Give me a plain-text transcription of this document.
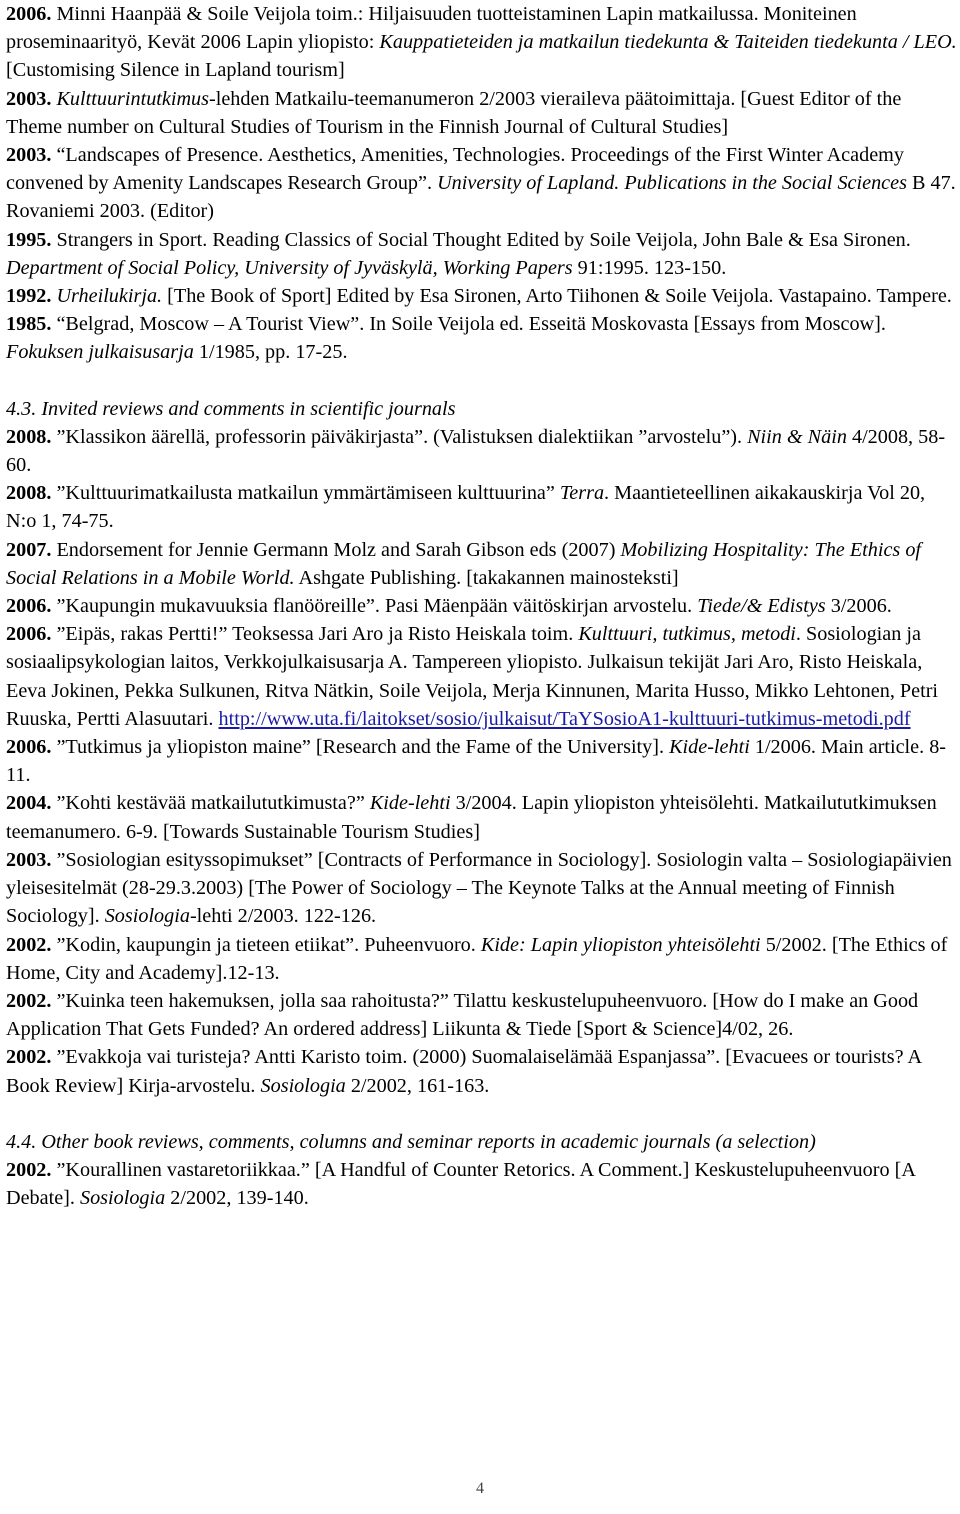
2006. Minni Haanpää & Soile Veijola toim.: Hiljaisuuden tuotteistaminen Lapin matkailussa. Moniteinen proseminaarityö, Kevät 2006 Lapin yliopisto: Kauppatieteiden ja matkailun tiedekunta & Taiteiden tiedekunta / LEO. [Customising Silence in Lapland tourism]

2003. Kulttuurintutkimus-lehden Matkailu-teemanumeron 2/2003 vieraileva päätoimittaja. [Guest Editor of the Theme number on Cultural Studies of Tourism in the Finnish Journal of Cultural Studies]

2003. “Landscapes of Presence. Aesthetics, Amenities, Technologies. Proceedings of the First Winter Academy convened by Amenity Landscapes Research Group”. University of Lapland. Publications in the Social Sciences B 47. Rovaniemi 2003. (Editor)

1995. Strangers in Sport. Reading Classics of Social Thought Edited by Soile Veijola, John Bale & Esa Sironen. Department of Social Policy, University of Jyväskylä, Working Papers 91:1995. 123-150.

1992. Urheilukirja. [The Book of Sport] Edited by Esa Sironen, Arto Tiihonen & Soile Veijola. Vastapaino. Tampere.

1985. “Belgrad, Moscow – A Tourist View”. In Soile Veijola ed. Esseitä Moskovasta [Essays from Moscow]. Fokuksen julkaisusarja 1/1985, pp. 17-25.

4.3. Invited reviews and comments in scientific journals

2008. ”Klassikon äärellä, professorin päiväkirjasta”. (Valistuksen dialektiikan ”arvostelu”). Niin & Näin 4/2008, 58-60.

2008. ”Kulttuurimatkailusta matkailun ymmärtämiseen kulttuurina” Terra. Maantieteellinen aikakauskirja Vol 20, N:o 1, 74-75.

2007. Endorsement for Jennie Germann Molz and Sarah Gibson eds (2007) Mobilizing Hospitality: The Ethics of Social Relations in a Mobile World. Ashgate Publishing. [takakannen mainosteksti]

2006. ”Kaupungin mukavuuksia flanööreille”. Pasi Mäenpään väitöskirjan arvostelu. Tiede/& Edistys 3/2006.

2006. ”Eipäs, rakas Pertti!” Teoksessa Jari Aro ja Risto Heiskala toim. Kulttuuri, tutkimus, metodi. Sosiologian ja sosiaalipsykologian laitos, Verkkojulkaisusarja A. Tampereen yliopisto. Julkaisun tekijät Jari Aro, Risto Heiskala, Eeva Jokinen, Pekka Sulkunen, Ritva Nätkin, Soile Veijola, Merja Kinnunen, Marita Husso, Mikko Lehtonen, Petri Ruuska, Pertti Alasuutari. http://www.uta.fi/laitokset/sosio/julkaisut/TaYSosioA1-kulttuuri-tutkimus-metodi.pdf

2006. ”Tutkimus ja yliopiston maine” [Research and the Fame of the University]. Kide-lehti 1/2006. Main article. 8-11.

2004. ”Kohti kestävää matkailututkimusta?” Kide-lehti 3/2004. Lapin yliopiston yhteisölehti. Matkailututkimuksen teemanumero. 6-9. [Towards Sustainable Tourism Studies]

2003. ”Sosiologian esityssopimukset” [Contracts of Performance in Sociology]. Sosiologin valta – Sosiologiapäivien yleisesitelmät (28-29.3.2003) [The Power of Sociology – The Keynote Talks at the Annual meeting of Finnish Sociology]. Sosiologia-lehti 2/2003. 122-126.

2002. ”Kodin, kaupungin ja tieteen etiikat”. Puheenvuoro. Kide: Lapin yliopiston yhteisölehti 5/2002. [The Ethics of Home, City and Academy].12-13.

2002. ”Kuinka teen hakemuksen, jolla saa rahoitusta?” Tilattu keskustelupuheenvuoro. [How do I make an Good Application That Gets Funded? An ordered address] Liikunta & Tiede [Sport & Science]4/02, 26.

2002. ”Evakkoja vai turisteja? Antti Karisto toim. (2000) Suomalaiselämää Espanjassa”. [Evacuees or tourists? A Book Review] Kirja-arvostelu. Sosiologia 2/2002, 161-163.

4.4. Other book reviews, comments, columns and seminar reports in academic journals (a selection)

2002. ”Kourallinen vastaretoriikkaa.” [A Handful of Counter Retorics. A Comment.] Keskustelupuheenvuoro [A Debate]. Sosiologia 2/2002, 139-140.

4
